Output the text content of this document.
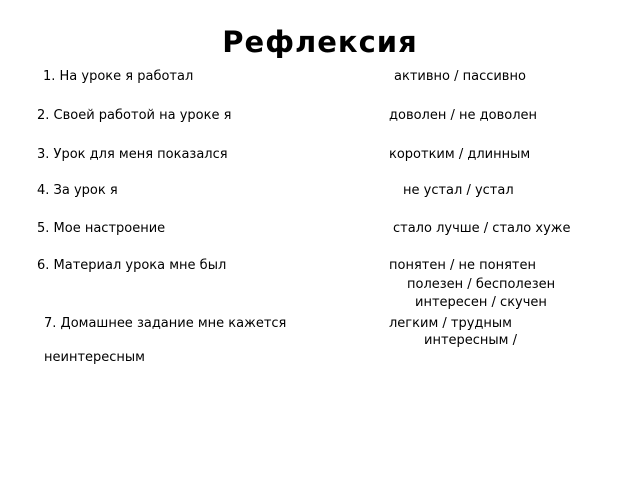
Рефлексия
1. На уроке я работал	активно / пассивно
2. Своей работой на уроке я	доволен / не доволен
3. Урок для меня показался	коротким / длинным
4. За урок я	не устал / устал
5. Мое настроение	стало лучше / стало хуже
6. Материал урока мне был	понятен / не понятен
полезен / бесполезен
интересен / скучен
7. Домашнее задание мне кажется	легким / трудным
интересным /
неинтересным
